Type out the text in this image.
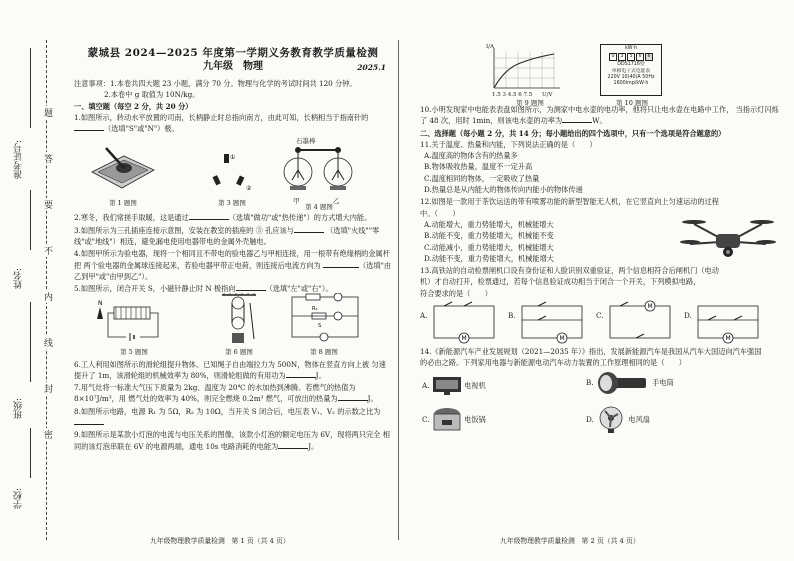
准考证号:
姓名:
班级:
学校:
密
封
线
内
不
要
答
题
蒙城县 2024—2025 年度第一学期义务教育教学质量检测
九年级　物理	2025.1
注意事项：1.本卷共四大题 23 小题，满分 70 分。物理与化学的考试时间共 120 分钟。
2.本卷中 g 取值为 10N/kg。
一、填空题（每空 2 分，共 20 分）
1.如图所示，转动水平放置的司南，长柄静止时总指向南方，由此可知，长柄相当于指南针的
（选填"S"或"N"）极。
第 1 题图
①
②
第 3 题图
石墨棒
甲	乙
第 4 题图
2.寒冬，我们常搓手取暖，这是通过	（选填"做功"或"热传递"）的方式增大内能。
3.如图所示为三孔插座连接示意图，安装在教室的插座的 ③ 孔应该与	（选填"火线""零线"或"地线"）相连，避免漏电使用电器带电的金属外壳触电。
4.如图甲所示为验电器，现将一个相同且不带电的验电器乙与甲相连接，用一根带有绝缘柄的金属杆把 两个验电器的金属球连接起来，若验电器甲带正电荷，则连接后电流方向为	（选填"由乙到甲"或"由甲到乙"）。
5.如图所示，闭合开关 S，小磁针静止时 N 极指向	（选填"左"或"右"）。
N
第 5 题图	第 6 题图
R₂
S
第 8 题图
6.工人利用如图所示的滑轮组提升物体。已知绳子自由端拉力为 500N，物体在竖直方向上被 匀速提升了 1m，该滑轮组的机械效率为 80%，则滑轮组做的有用功为	J。
7.用气灶将一标准大气压下质量为 2kg、温度为 20℃ 的水加热到沸腾。若燃气的热值为 8×10⁷J/m³，用 燃气灶的效率为 40%，则完全燃烧 0.2m³ 燃气，可放出的热量为	J。
8.如图所示电路，电源 R₁ 为 5Ω，R₂ 为 10Ω，当开关 S 闭合后，电压表 V₁、V₂ 的示数之比为
9.如图所示是某款小灯泡的电流与电压关系的图像，该款小灯泡的额定电压为 6V，现将两只完全 相同的该灯泡串联在 6V 的电源两端，通电 10s 电路消耗的电能为	J。
九年级物理教学质量检测　第 1 页（共 4 页）
I/A
1.5 3 4.5 6 7.5 U/V
第 9 题图
kW·h
0	3	5	6	6
DDS1716型
单相电子式电能表
220V 10(40)A 50Hz
1600imp/kW·h
第 10 题图
10.小明发现家中电能表表盘如图所示，为测家中电水壶的电功率，他将只让电水壶在电路中工作， 当指示灯闪烁了 48 次，用时 1min，则该电水壶的功率为	W。
二、选择题（每小题 2 分，共 14 分；每小题给出的四个选项中，只有一个选项是符合题意的）
11.关于温度、热量和内能，下列说法正确的是（　　）
A.温度高的物体含有的热量多
B.物体吸收热量，温度不一定升高
C.温度相同的物体，一定吸收了热量
D.热量总是从内能大的物体传向内能小的物体传递
12.如图是一款用于茶饮运送的带有喷雾功能的新型智能无人机，在它竖直向上匀速运动的过程
中。（　　）
A.动能增大，重力势能增大，机械能增大
B.动能不变，重力势能增大，机械能不变
C.动能减小，重力势能增大，机械能增大
D.动能不变，重力势能增大，机械能增大
13.高铁站的自动检票闸机口设有身份证和人脸识别双重验证，两个信息相符合后闸机门（电动
机）才自动打开，检票通过，若每个信息验证成功相当于闭合一个开关，下列模拟电路，
符合要求的是（　　）
A.
M
B.
M
C.
M
D.
M
14.《新能源汽车产业发展规划（2021—2035 年）》指出，发展新能源汽车是我国从汽车大国迈向汽车强国
的必由之路。下列家用电器与新能源电动汽车动力装置的工作原理相同的是（　　）
A.	电视机	B.	手电筒
C.	电饭锅	D.	电风扇
九年级物理教学质量检测　第 2 页（共 4 页）
